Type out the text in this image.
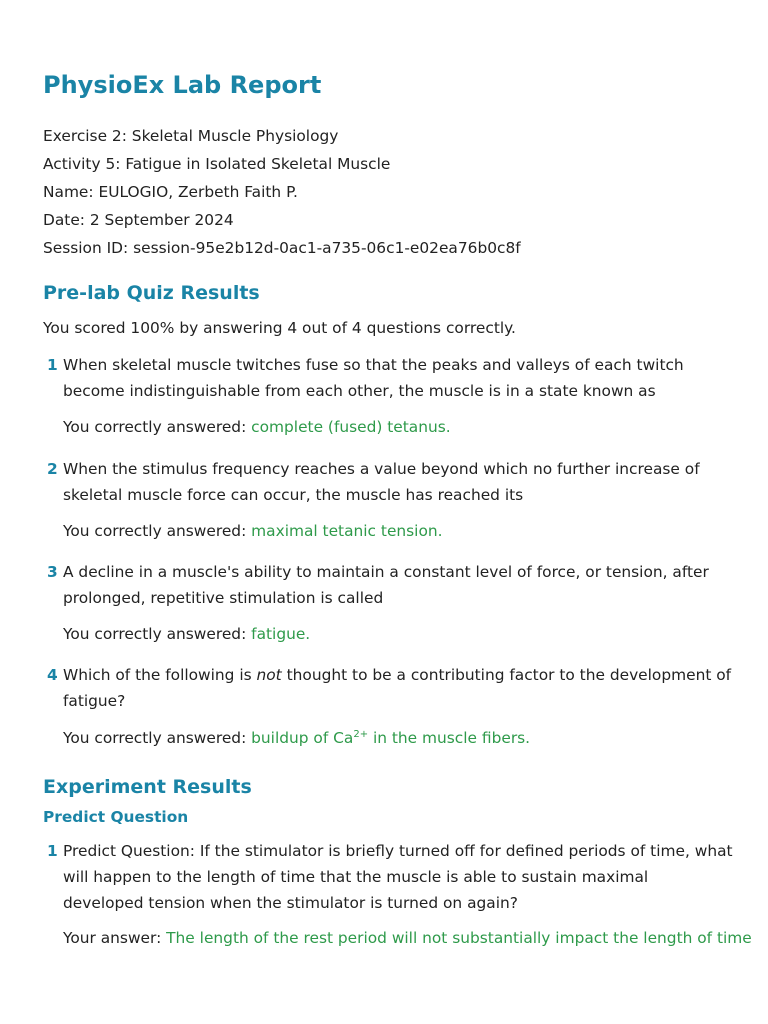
PhysioEx Lab Report
Exercise 2: Skeletal Muscle Physiology
Activity 5: Fatigue in Isolated Skeletal Muscle
Name: EULOGIO, Zerbeth Faith P.
Date: 2 September 2024
Session ID: session-95e2b12d-0ac1-a735-06c1-e02ea76b0c8f
Pre-lab Quiz Results
You scored 100% by answering 4 out of 4 questions correctly.
1 When skeletal muscle twitches fuse so that the peaks and valleys of each twitch become indistinguishable from each other, the muscle is in a state known as
You correctly answered: complete (fused) tetanus.
2 When the stimulus frequency reaches a value beyond which no further increase of skeletal muscle force can occur, the muscle has reached its
You correctly answered: maximal tetanic tension.
3 A decline in a muscle's ability to maintain a constant level of force, or tension, after prolonged, repetitive stimulation is called
You correctly answered: fatigue.
4 Which of the following is not thought to be a contributing factor to the development of fatigue?
You correctly answered: buildup of $Ca^{2+}$ in the muscle fibers.
Experiment Results
Predict Question
1 Predict Question: If the stimulator is briefly turned off for defined periods of time, what will happen to the length of time that the muscle is able to sustain maximal developed tension when the stimulator is turned on again?
Your answer: The length of the rest period will not substantially impact the length of time
